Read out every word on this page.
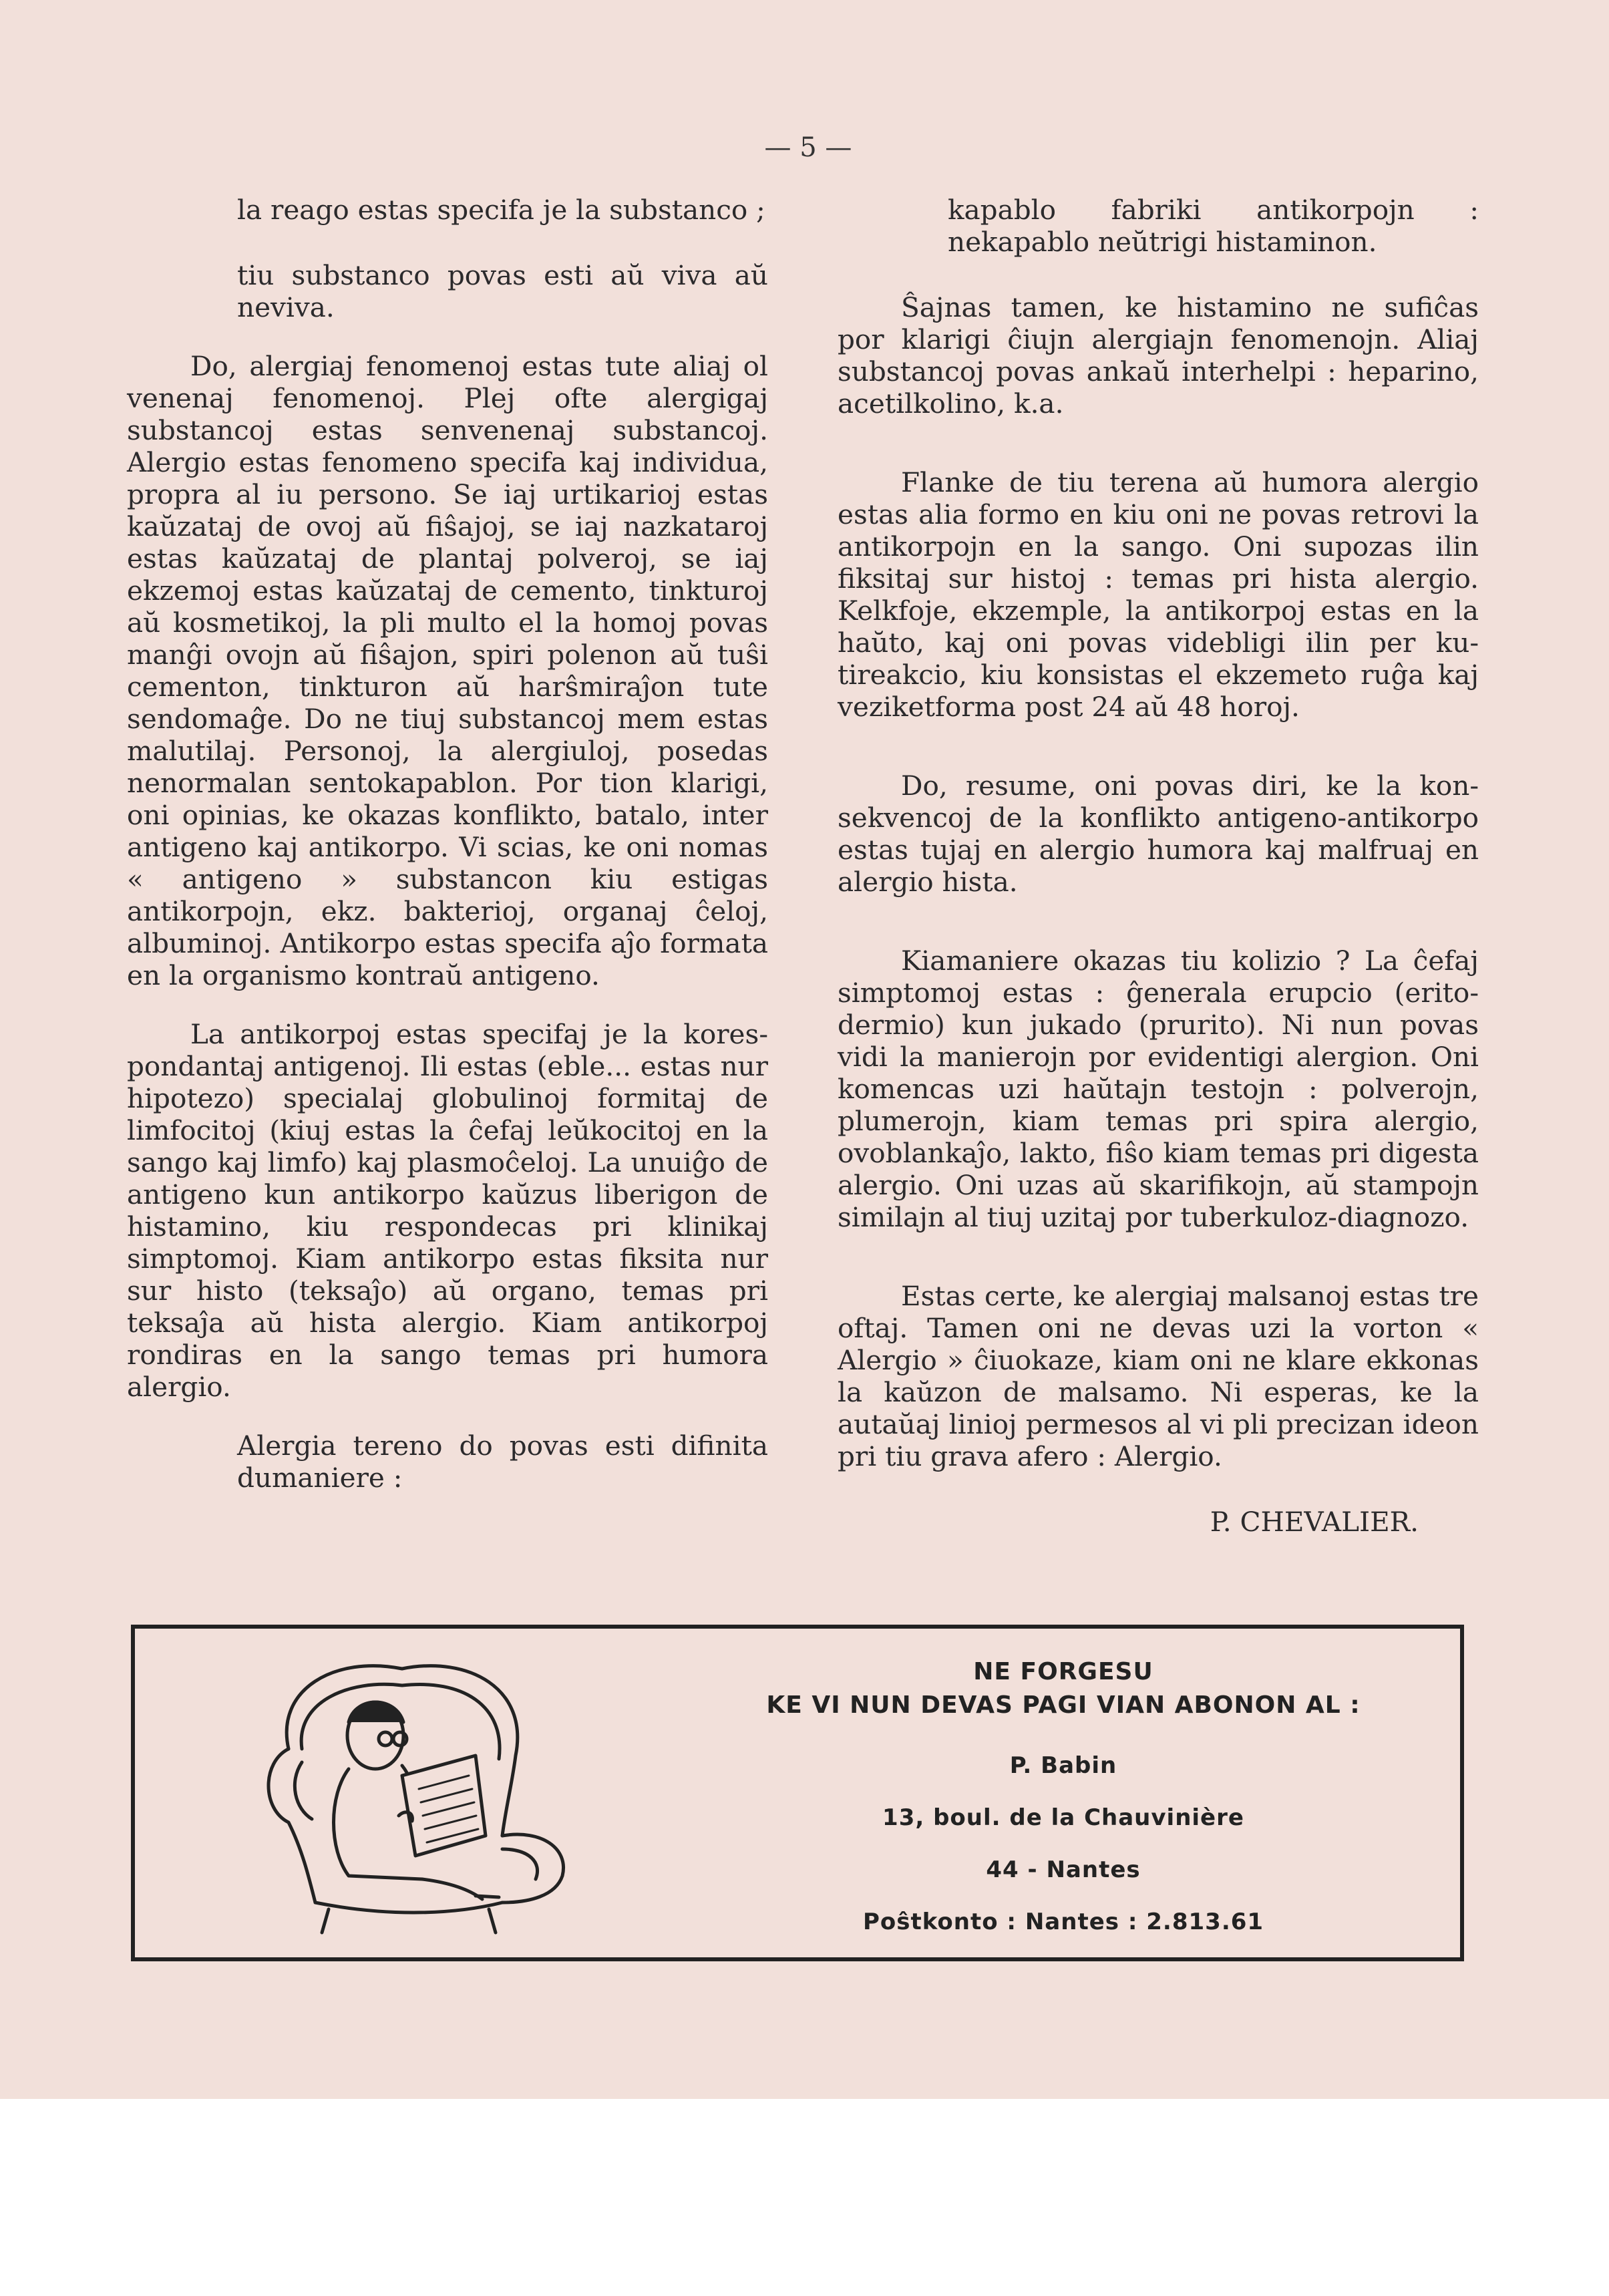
— 5 —

la reago estas specifa je la substanco ;

tiu substanco povas esti aŭ viva aŭ neviva.

Do, alergiaj fenomenoj estas tute aliaj ol venenaj fenomenoj. Plej ofte alergigaj substancoj estas senvenenaj substancoj. Alergio estas fenomeno specifa kaj individua, propra al iu persono. Se iaj urtikarioj estas kaŭzataj de ovoj aŭ fiŝajoj, se iaj nazkataroj estas kaŭzataj de plantaj polveroj, se iaj ekzemoj estas kaŭzataj de cemento, tinkturoj aŭ kosmetikoj, la pli multo el la homoj povas manĝi ovojn aŭ fiŝajon, spiri polenon aŭ tuŝi cementon, tinkturon aŭ harŝmiraĵon tute sendomaĝe. Do ne tiuj substancoj mem estas malutilaj. Personoj, la alergiuloj, posedas nenormalan sentokapablon. Por tion klarigi, oni opinias, ke okazas konflikto, batalo, inter antigeno kaj antikorpo. Vi scias, ke oni nomas « antigeno » substancon kiu estigas antikorpojn, ekz. bakterioj, organaj ĉeloj, albuminoj. Antikorpo estas specifa aĵo formata en la organismo kontraŭ antigeno.

La antikorpoj estas specifaj je la korespondantaj antigenoj. Ili estas (eble... estas nur hipotezo) specialaj globulinoj formitaj de limfocitoj (kiuj estas la ĉefaj leŭkocitoj en la sango kaj limfo) kaj plasmoĉeloj. La unuiĝo de antigeno kun antikorpo kaŭzus liberigon de histamino, kiu respondecas pri klinikaj simptomoj. Kiam antikorpo estas fiksita nur sur histo (teksaĵo) aŭ organo, temas pri teksaĵa aŭ hista alergio. Kiam antikorpoj rondiras en la sango temas pri humora alergio.

Alergia tereno do povas esti difinita dumaniere :

kapablo fabriki antikorpojn : nekapablo neŭtrigi histaminon.

Ŝajnas tamen, ke histamino ne sufiĉas por klarigi ĉiujn alergiajn fenomenojn. Aliaj substancoj povas ankaŭ interhelpi : heparino, acetilkolino, k.a.

Flanke de tiu terena aŭ humora alergio estas alia formo en kiu oni ne povas retrovi la antikorpojn en la sango. Oni supozas ilin fiksitaj sur histoj : temas pri hista alergio. Kelkfoje, ekzemple, la antikorpoj estas en la haŭto, kaj oni povas videbligi ilin per kutireakcio, kiu konsistas el ekzemeto ruĝa kaj veziketforma post 24 aŭ 48 horoj.

Do, resume, oni povas diri, ke la konsekvencoj de la konflikto antigeno-antikorpo estas tujaj en alergio humora kaj malfruaj en alergio hista.

Kiamaniere okazas tiu kolizio ? La ĉefaj simptomoj estas : ĝenerala erupcio (eritodermio) kun jukado (prurito). Ni nun povas vidi la manierojn por evidentigi alergion. Oni komencas uzi haŭtajn testojn : polverojn, plumerojn, kiam temas pri spira alergio, ovoblankaĵo, lakto, fiŝo kiam temas pri digesta alergio. Oni uzas aŭ skarifikojn, aŭ stampojn similajn al tiuj uzitaj por tuberkuloz-diagnozo.

Estas certe, ke alergiaj malsanoj estas tre oftaj. Tamen oni ne devas uzi la vorton « Alergio » ĉiuokaze, kiam oni ne klare ekkonas la kaŭzon de malsamo. Ni esperas, ke la autaŭaj linioj permesos al vi pli precizan ideon pri tiu grava afero : Alergio.

P. CHEVALIER.

NE FORGESU
KE VI NUN DEVAS PAGI VIAN ABONON AL :
P. Babin
13, boul. de la Chauvinière
44 - Nantes
Poŝtkonto : Nantes : 2.813.61
